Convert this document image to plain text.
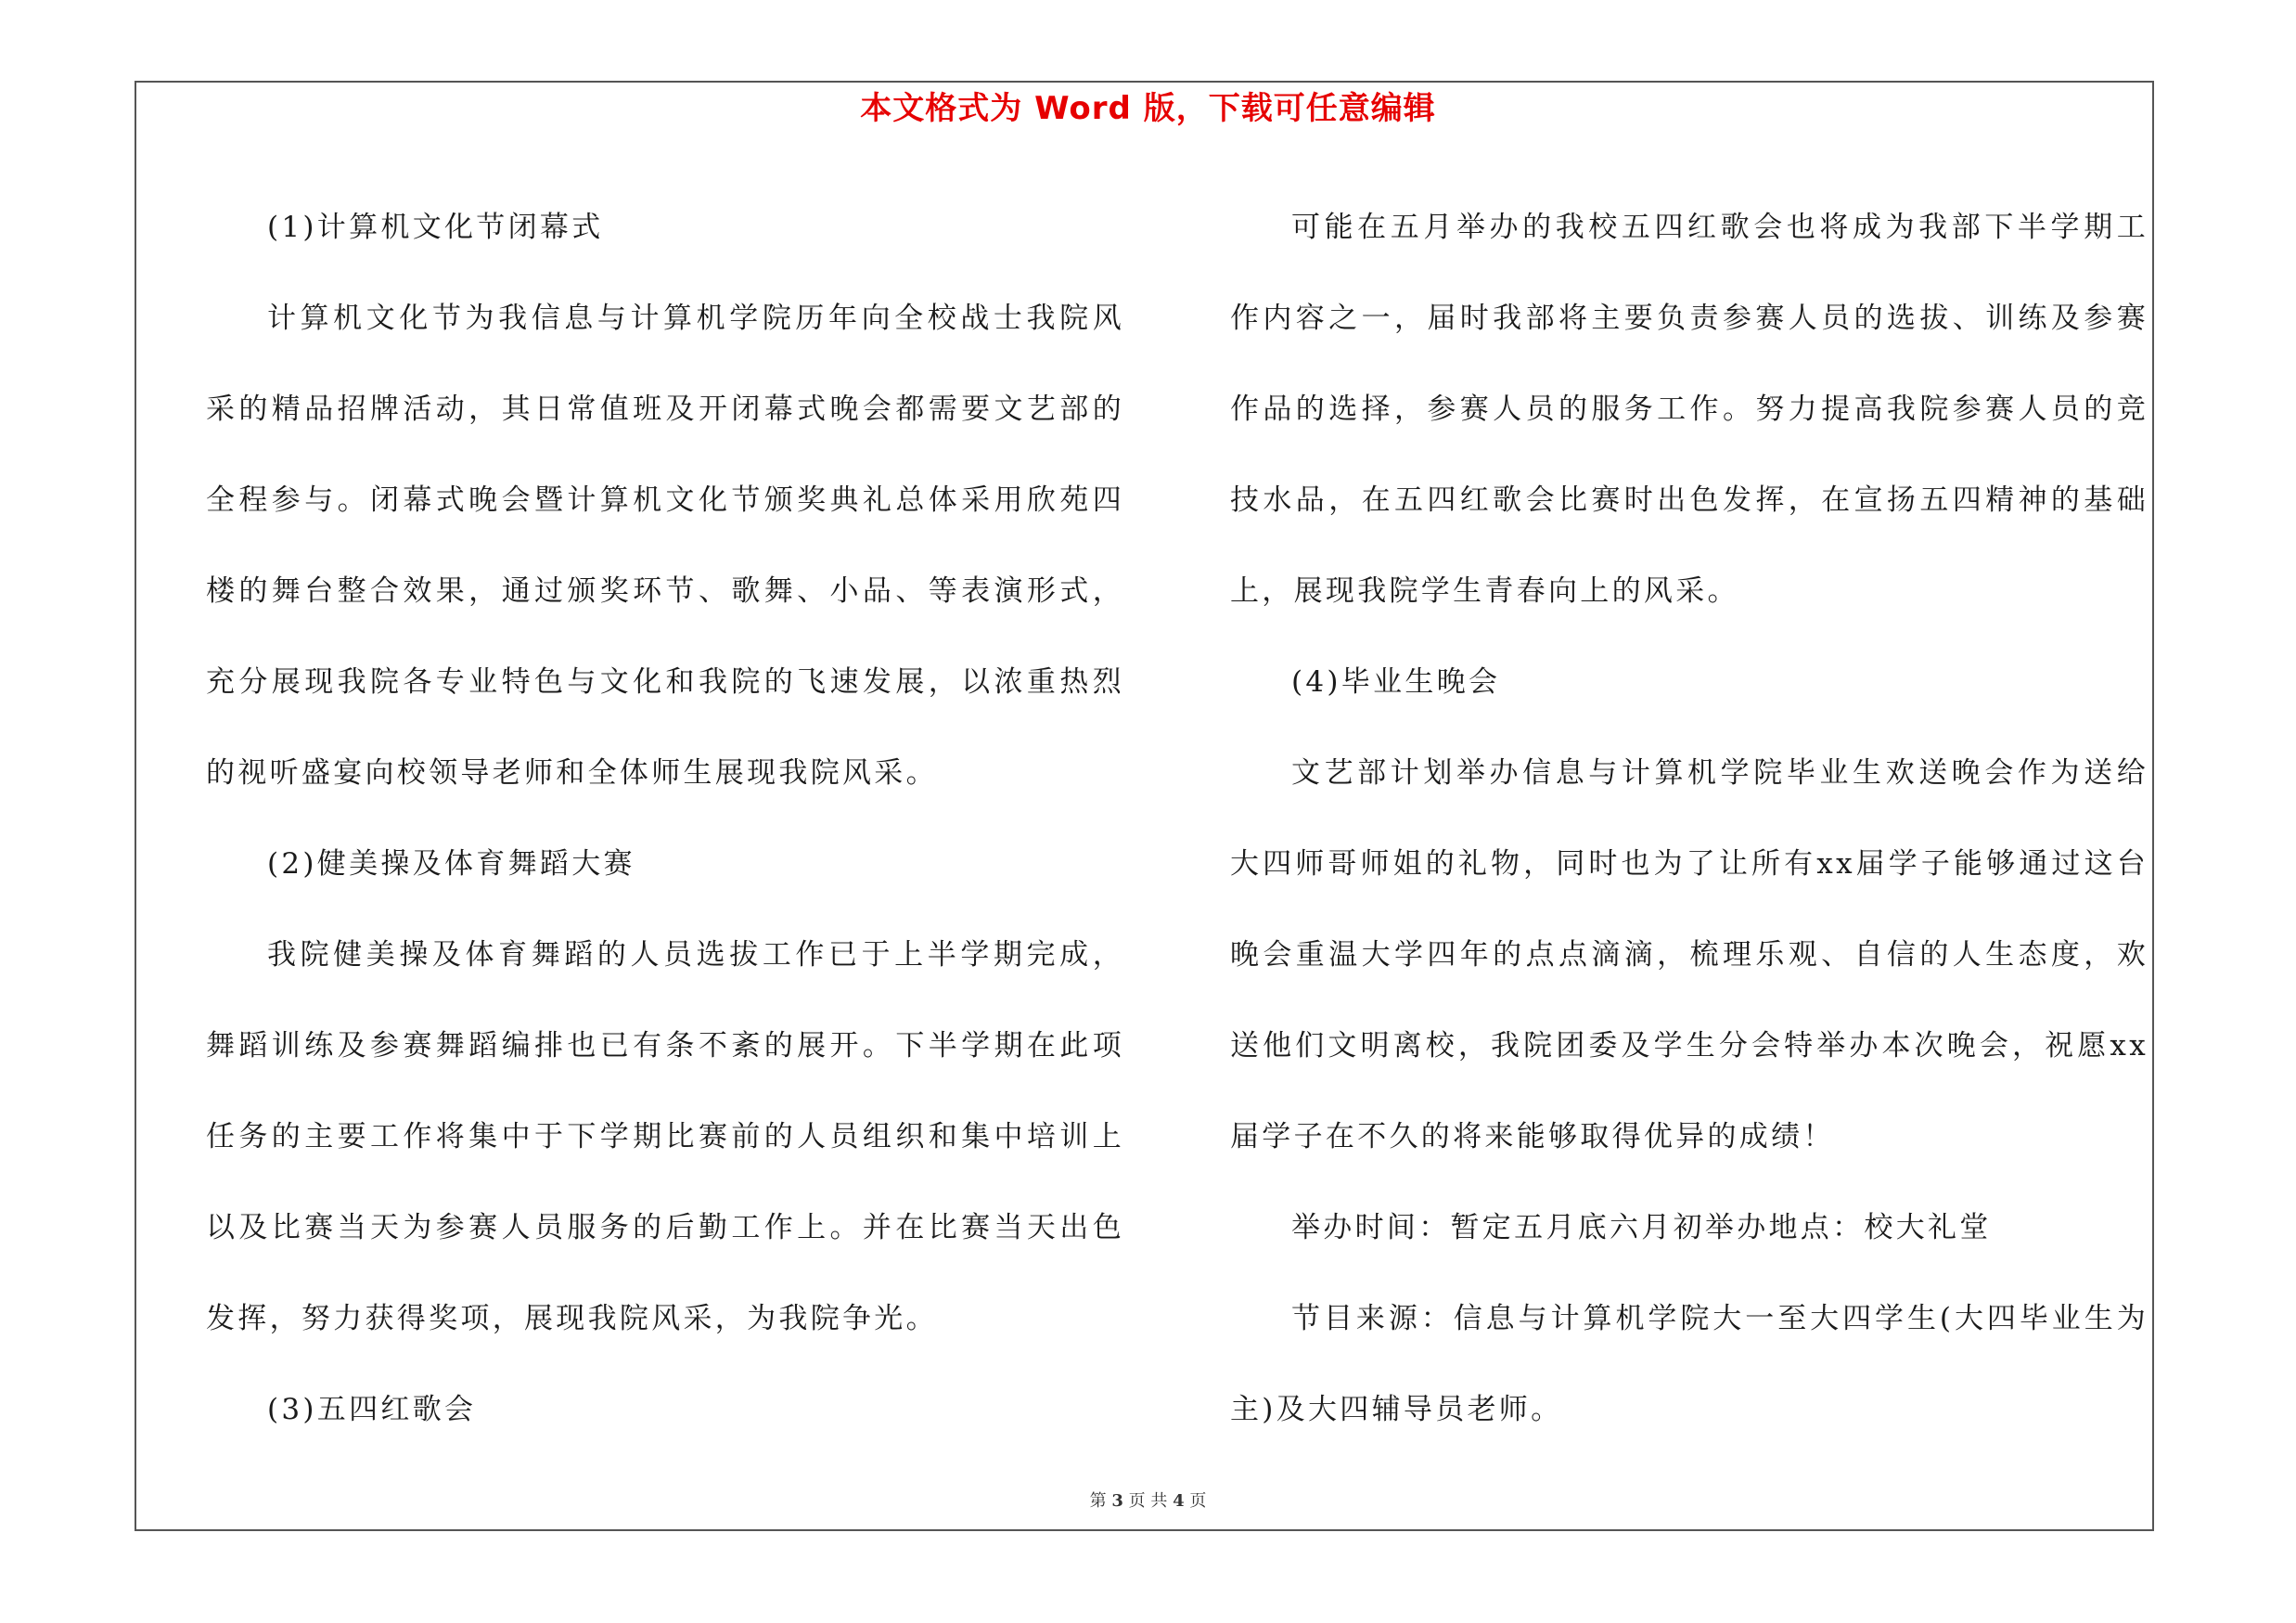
本文格式为 Word 版，下载可任意编辑

(1)计算机文化节闭幕式

计算机文化节为我信息与计算机学院历年向全校战士我院风采的精品招牌活动，其日常值班及开闭幕式晚会都需要文艺部的全程参与。闭幕式晚会暨计算机文化节颁奖典礼总体采用欣苑四楼的舞台整合效果，通过颁奖环节、歌舞、小品、等表演形式，充分展现我院各专业特色与文化和我院的飞速发展，以浓重热烈的视听盛宴向校领导老师和全体师生展现我院风采。

(2)健美操及体育舞蹈大赛

我院健美操及体育舞蹈的人员选拔工作已于上半学期完成，舞蹈训练及参赛舞蹈编排也已有条不紊的展开。下半学期在此项任务的主要工作将集中于下学期比赛前的人员组织和集中培训上以及比赛当天为参赛人员服务的后勤工作上。并在比赛当天出色发挥，努力获得奖项，展现我院风采，为我院争光。

(3)五四红歌会

可能在五月举办的我校五四红歌会也将成为我部下半学期工作内容之一，届时我部将主要负责参赛人员的选拔、训练及参赛作品的选择，参赛人员的服务工作。努力提高我院参赛人员的竞技水品，在五四红歌会比赛时出色发挥，在宣扬五四精神的基础上，展现我院学生青春向上的风采。

(4)毕业生晚会

文艺部计划举办信息与计算机学院毕业生欢送晚会作为送给大四师哥师姐的礼物，同时也为了让所有xx届学子能够通过这台晚会重温大学四年的点点滴滴，梳理乐观、自信的人生态度，欢送他们文明离校，我院团委及学生分会特举办本次晚会，祝愿xx届学子在不久的将来能够取得优异的成绩！

举办时间：暂定五月底六月初举办地点：校大礼堂

节目来源：信息与计算机学院大一至大四学生(大四毕业生为主)及大四辅导员老师。

第 3 页 共 4 页
